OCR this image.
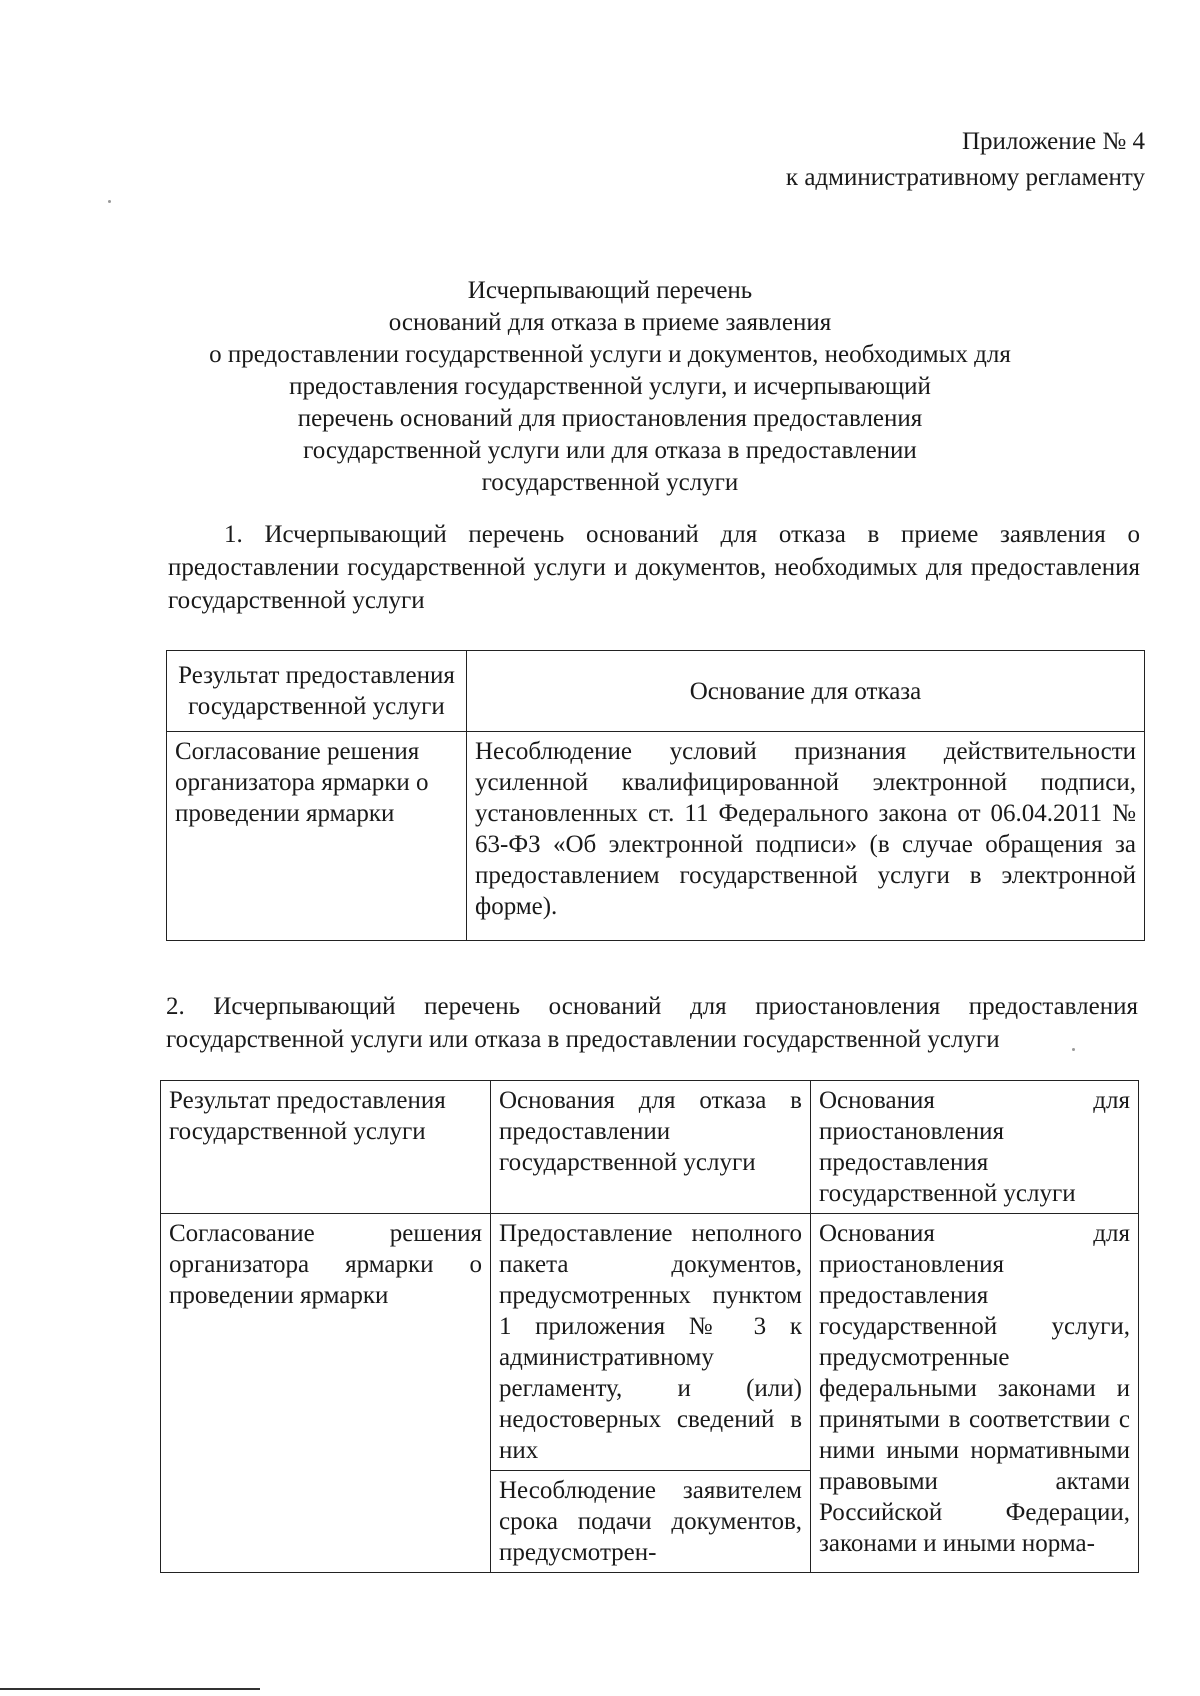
Приложение № 4
к административному регламенту
Исчерпывающий перечень
оснований для отказа в приеме заявления
о предоставлении государственной услуги и документов, необходимых для
предоставления государственной услуги, и исчерпывающий
перечень оснований для приостановления предоставления
государственной услуги или для отказа в предоставлении
государственной услуги
1. Исчерпывающий перечень оснований для отказа в приеме заявления о предоставлении государственной услуги и документов, необходимых для предоставления государственной услуги
Результат предоставления государственной услуги	Основание для отказа
Согласование решения организатора ярмарки о проведении ярмарки	Несоблюдение условий признания действительности усиленной квалифицированной электронной подписи, установленных ст. 11 Федерального закона от 06.04.2011 № 63-ФЗ «Об электронной подписи» (в случае обращения за предоставлением государственной услуги в электронной форме).
2. Исчерпывающий перечень оснований для приостановления предоставления государственной услуги или отказа в предоставлении государственной услуги
Результат предоставления государственной услуги	Основания для отказа в предоставлении государственной услуги	Основания для приостановления предоставления государственной услуги
Согласование решения организатора ярмарки о проведении ярмарки	Предоставление неполного пакета документов, предусмотренных пунктом 1 приложения № 3 к административному регламенту, и (или) недостоверных сведений в них	Основания для приостановления предоставления государственной услуги, предусмотренные федеральными законами и принятыми в соответствии с ними иными нормативными правовыми актами Российской Федерации, законами и иными норма-
	Несоблюдение заявителем срока подачи документов, предусмотрен-	
